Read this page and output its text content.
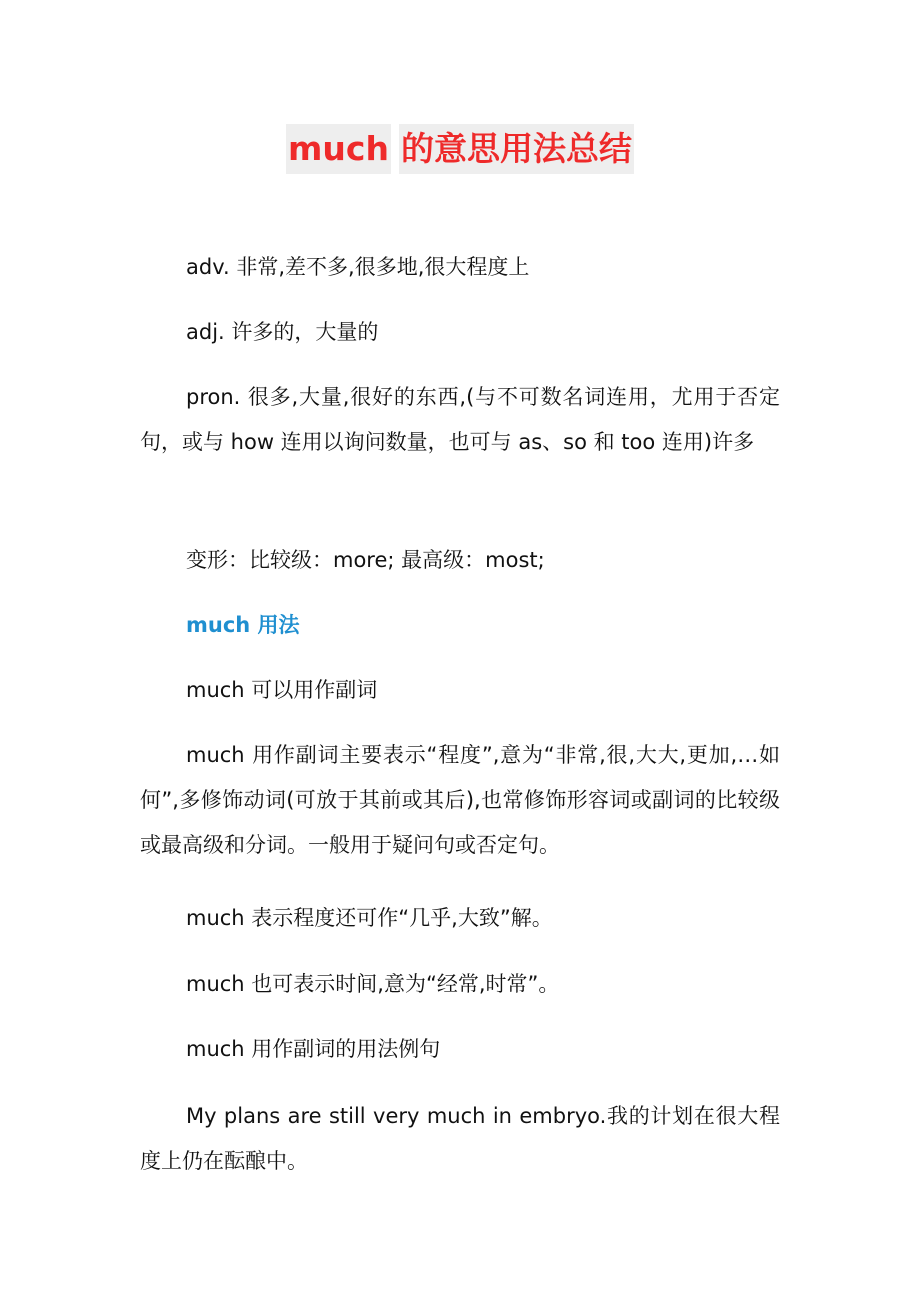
much 的意思用法总结

adv. 非常,差不多,很多地,很大程度上

adj. 许多的，大量的

pron. 很多,大量,很好的东西,(与不可数名词连用，尤用于否定句，或与 how 连用以询问数量，也可与 as、so 和 too 连用)许多

变形：比较级：more; 最高级：most;

much 用法

much 可以用作副词

much 用作副词主要表示“程度”,意为“非常,很,大大,更加,…如何”,多修饰动词(可放于其前或其后),也常修饰形容词或副词的比较级或最高级和分词。一般用于疑问句或否定句。

much 表示程度还可作“几乎,大致”解。

much 也可表示时间,意为“经常,时常”。

much 用作副词的用法例句

My plans are still very much in embryo.我的计划在很大程度上仍在酝酿中。
